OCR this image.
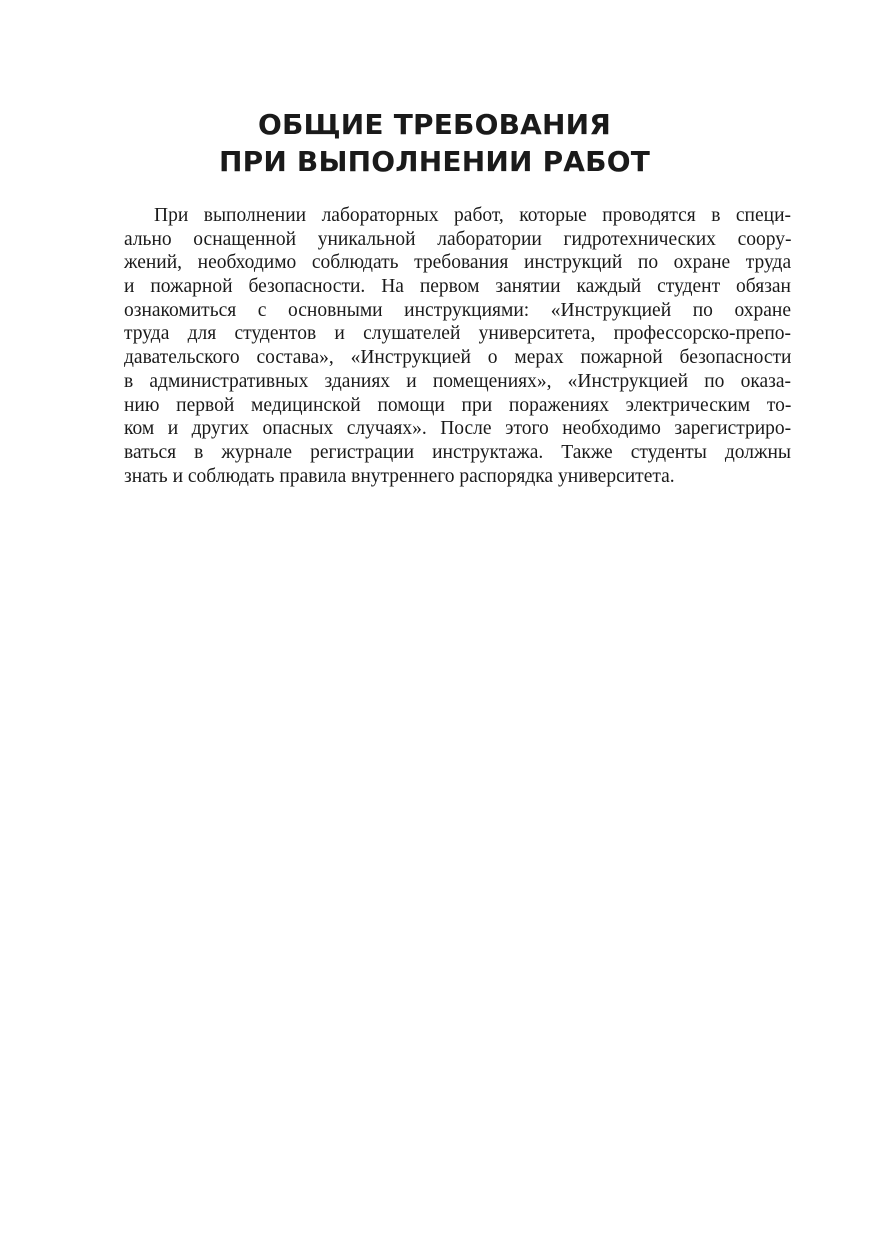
ОБЩИЕ ТРЕБОВАНИЯ
ПРИ ВЫПОЛНЕНИИ РАБОТ
При выполнении лабораторных работ, которые проводятся в специ-
ально оснащенной уникальной лаборатории гидротехнических соору-
жений, необходимо соблюдать требования инструкций по охране труда
и пожарной безопасности. На первом занятии каждый студент обязан
ознакомиться с основными инструкциями: «Инструкцией по охране
труда для студентов и слушателей университета, профессорско-препо-
давательского состава», «Инструкцией о мерах пожарной безопасности
в административных зданиях и помещениях», «Инструкцией по оказа-
нию первой медицинской помощи при поражениях электрическим то-
ком и других опасных случаях». После этого необходимо зарегистриро-
ваться в журнале регистрации инструктажа. Также студенты должны
знать и соблюдать правила внутреннего распорядка университета.
